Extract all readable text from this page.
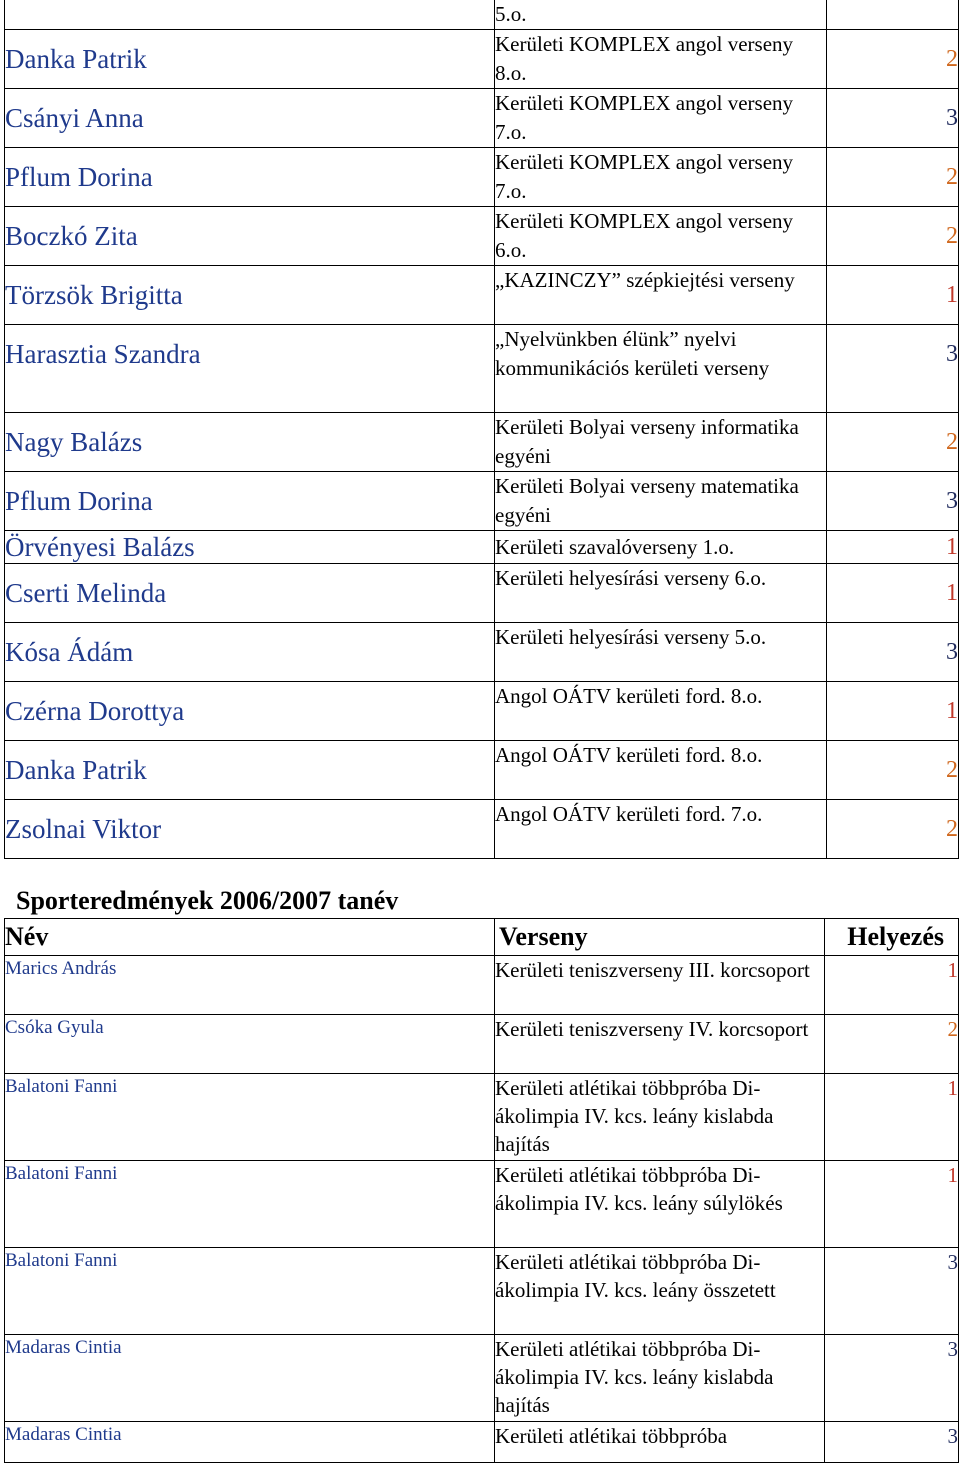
	5.o.	
Danka Patrik	Kerületi KOMPLEX angol verseny 8.o.	2
Csányi Anna	Kerületi KOMPLEX angol verseny 7.o.	3
Pflum Dorina	Kerületi KOMPLEX angol verseny 7.o.	2
Boczkó Zita	Kerületi KOMPLEX angol verseny 6.o.	2
Törzsök Brigitta	„KAZINCZY” szépkiejtési verseny	1
Harasztia Szandra	„Nyelvünkben élünk” nyelvi kommunikációs kerületi verseny	3
Nagy Balázs	Kerületi Bolyai verseny informatika egyéni	2
Pflum Dorina	Kerületi Bolyai verseny matematika egyéni	3
Örvényesi Balázs	Kerületi szavalóverseny 1.o.	1
Cserti Melinda	Kerületi helyesírási verseny 6.o.	1
Kósa Ádám	Kerületi helyesírási verseny 5.o.	3
Czérna Dorottya	Angol OÁTV kerületi ford. 8.o.	1
Danka Patrik	Angol OÁTV kerületi ford. 8.o.	2
Zsolnai Viktor	Angol OÁTV kerületi ford. 7.o.	2
Sporteredmények 2006/2007 tanév
Név	Verseny	Helyezés
Marics András	Kerületi teniszverseny III. korcsoport	1
Csóka Gyula	Kerületi teniszverseny IV. korcsoport	2
Balatoni Fanni	Kerületi atlétikai többpróba Di-ákolimpia IV. kcs. leány kislabda hajítás	1
Balatoni Fanni	Kerületi atlétikai többpróba Di-ákolimpia IV. kcs. leány súlylökés	1
Balatoni Fanni	Kerületi atlétikai többpróba Di-ákolimpia IV. kcs. leány összetett	3
Madaras Cintia	Kerületi atlétikai többpróba Di-ákolimpia IV. kcs. leány kislabda hajítás	3
Madaras Cintia	Kerületi atlétikai többpróba	3
